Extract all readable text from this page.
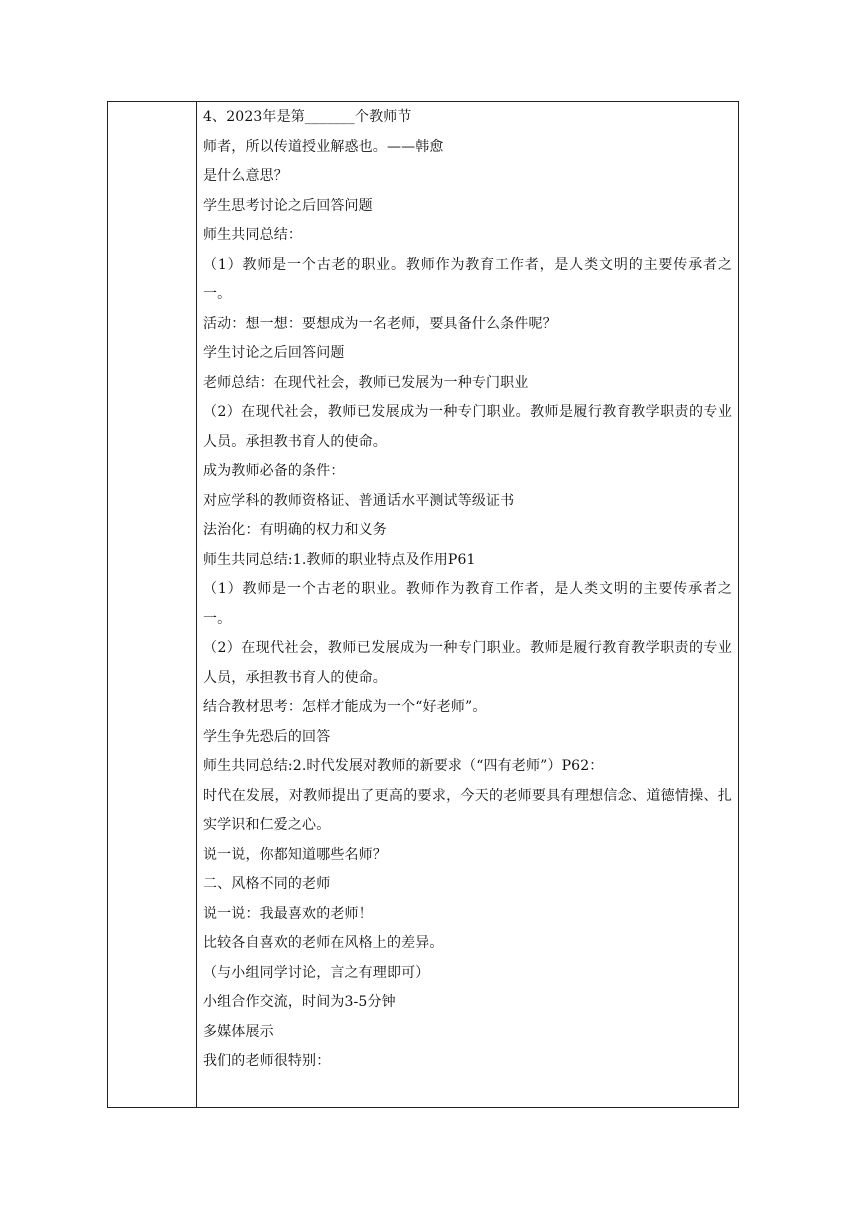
4、2023年是第_______个教师节
师者，所以传道授业解惑也。——韩愈
是什么意思？
学生思考讨论之后回答问题
师生共同总结：
（1）教师是一个古老的职业。教师作为教育工作者，是人类文明的主要传承者之一。
活动：想一想：要想成为一名老师，要具备什么条件呢？
学生讨论之后回答问题
老师总结：在现代社会，教师已发展为一种专门职业
（2）在现代社会，教师已发展成为一种专门职业。教师是履行教育教学职责的专业人员。承担教书育人的使命。
成为教师必备的条件：
对应学科的教师资格证、普通话水平测试等级证书
法治化：有明确的权力和义务
师生共同总结:1.教师的职业特点及作用P61
（1）教师是一个古老的职业。教师作为教育工作者，是人类文明的主要传承者之一。
（2）在现代社会，教师已发展成为一种专门职业。教师是履行教育教学职责的专业人员，承担教书育人的使命。
结合教材思考：怎样才能成为一个“好老师”。
学生争先恐后的回答
师生共同总结:2.时代发展对教师的新要求（“四有老师”）P62：
时代在发展，对教师提出了更高的要求，今天的老师要具有理想信念、道德情操、扎实学识和仁爱之心。
说一说，你都知道哪些名师？
二、风格不同的老师
说一说：我最喜欢的老师！
比较各自喜欢的老师在风格上的差异。
（与小组同学讨论，言之有理即可）
小组合作交流，时间为3-5分钟
多媒体展示
我们的老师很特别：
